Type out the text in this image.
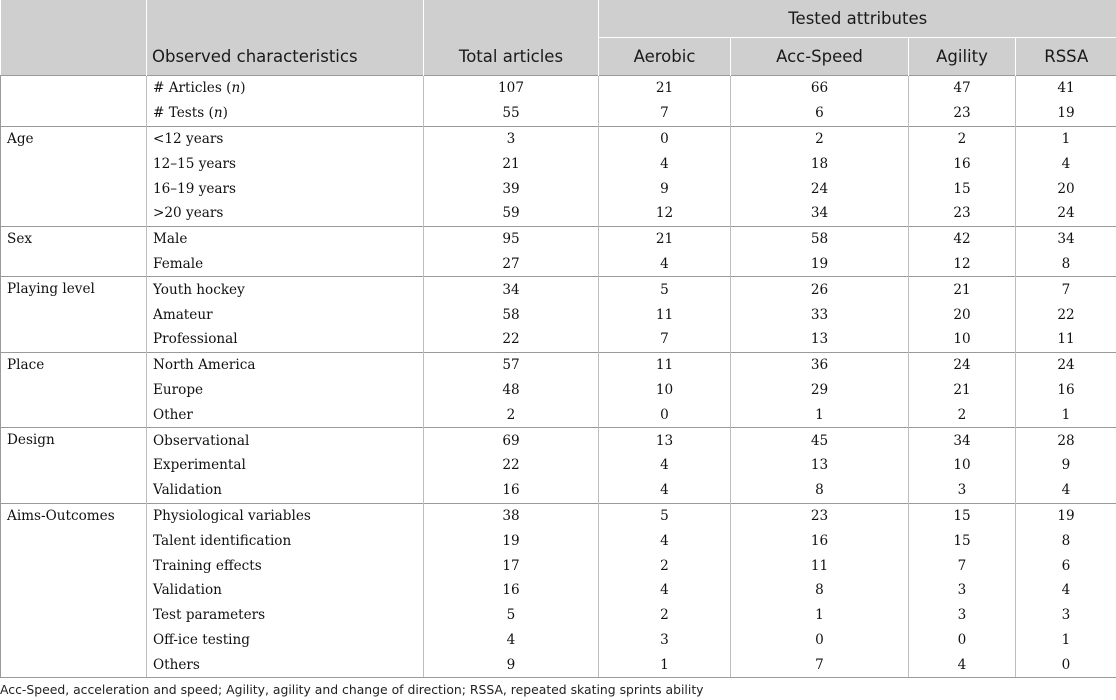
			Tested attributes			
	Observed characteristics	Total articles	Aerobic	Acc-Speed	Agility	RSSA
	# Articles (n)	107	21	66	47	41
	# Tests (n)	55	7	6	23	19
Age	<12 years	3	0	2	2	1
	12–15 years	21	4	18	16	4
	16–19 years	39	9	24	15	20
	>20 years	59	12	34	23	24
Sex	Male	95	21	58	42	34
	Female	27	4	19	12	8
Playing level	Youth hockey	34	5	26	21	7
	Amateur	58	11	33	20	22
	Professional	22	7	13	10	11
Place	North America	57	11	36	24	24
	Europe	48	10	29	21	16
	Other	2	0	1	2	1
Design	Observational	69	13	45	34	28
	Experimental	22	4	13	10	9
	Validation	16	4	8	3	4
Aims-Outcomes	Physiological variables	38	5	23	15	19
	Talent identification	19	4	16	15	8
	Training effects	17	2	11	7	6
	Validation	16	4	8	3	4
	Test parameters	5	2	1	3	3
	Off-ice testing	4	3	0	0	1
	Others	9	1	7	4	0
Acc-Speed, acceleration and speed; Agility, agility and change of direction; RSSA, repeated skating sprints ability
